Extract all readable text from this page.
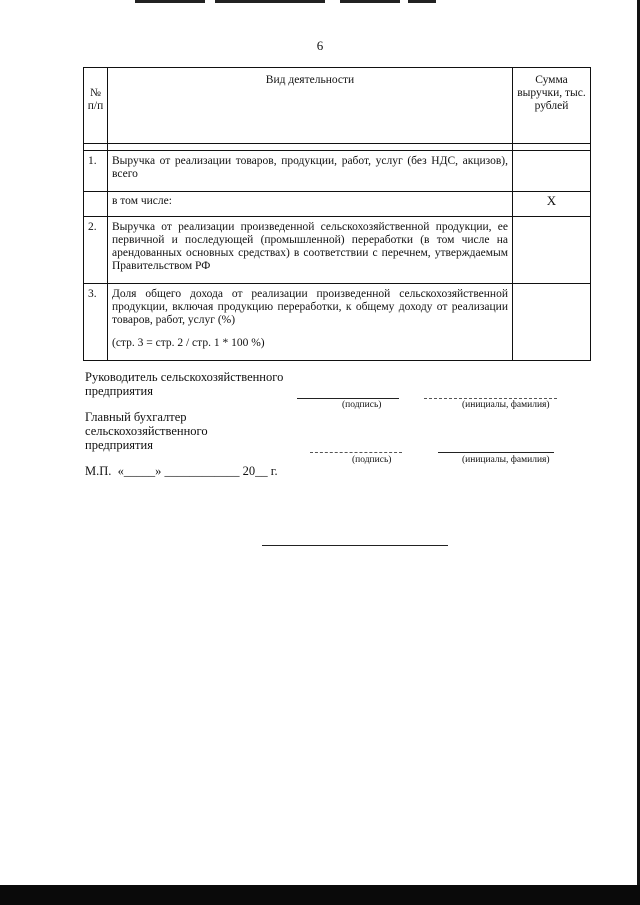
6
№ п/п	Вид деятельности	Сумма выручки, тыс. рублей

1.	Выручка от реализации товаров, продукции, работ, услуг (без НДС, акцизов), всего	
	в том числе:	X
2.	Выручка от реализации произведенной сельскохозяйственной продукции, ее первичной и последующей (промышленной) переработки (в том числе на арендованных основных средствах) в соответствии с перечнем, утверждаемым Правительством РФ	
3.	Доля общего дохода от реализации произведенной сельскохозяйственной продукции, включая продукцию переработки, к общему доходу от реализации товаров, работ, услуг (%)
(стр. 3 = стр. 2 / стр. 1 * 100 %)	

Руководитель сельскохозяйственного
предприятия
(подпись)	(инициалы, фамилия)
Главный бухгалтер
сельскохозяйственного
предприятия
(подпись)	(инициалы, фамилия)
М.П.  «_____» ____________ 20__ г.
